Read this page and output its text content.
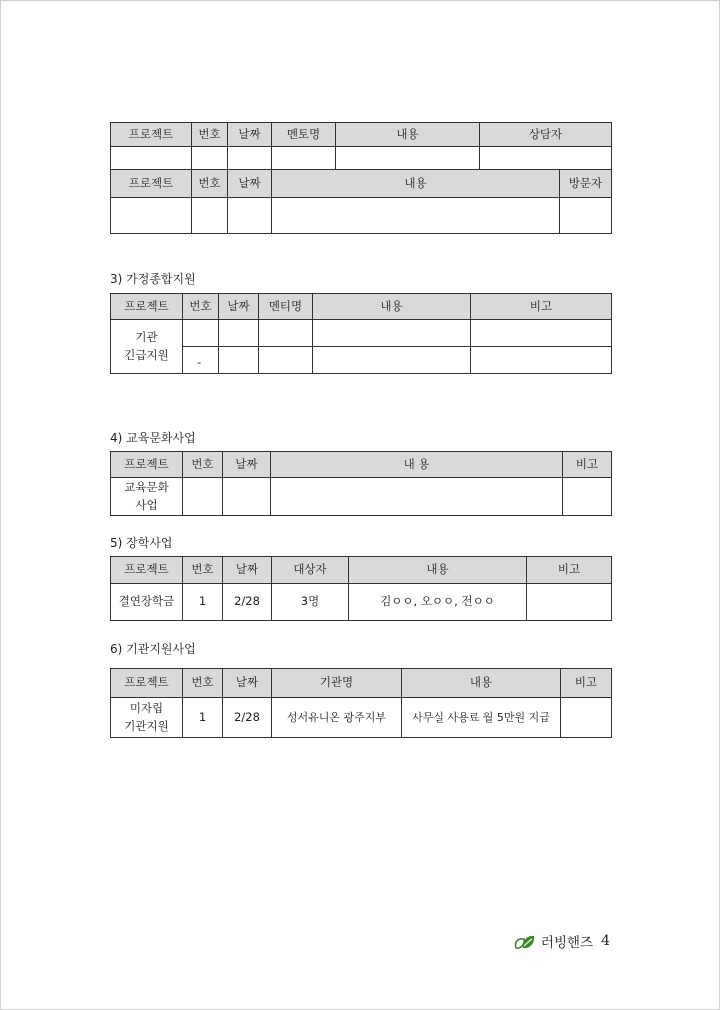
프로젝트	번호	날짜	멘토명	내용	상담자

프로젝트	번호	날짜	내용	방문자

3) 가정종합지원
프로젝트	번호	날짜	멘티명	내용	비고

기관
긴급지원					

	-				
4) 교육문화사업
프로젝트	번호	날짜	내 용	비고

교육문화
사업				

5) 장학사업
프로젝트	번호	날짜	대상자	내용	비고
결연장학금	1	2/28	3명	김ㅇㅇ, 오ㅇㅇ, 전ㅇㅇ	
6) 기관지원사업
프로젝트	번호	날짜	기관명	내용	비고

미자립
기관지원	1	2/28	성서유니온 광주지부	사무실 사용료 월 5만원 지급	
러빙핸즈 4
